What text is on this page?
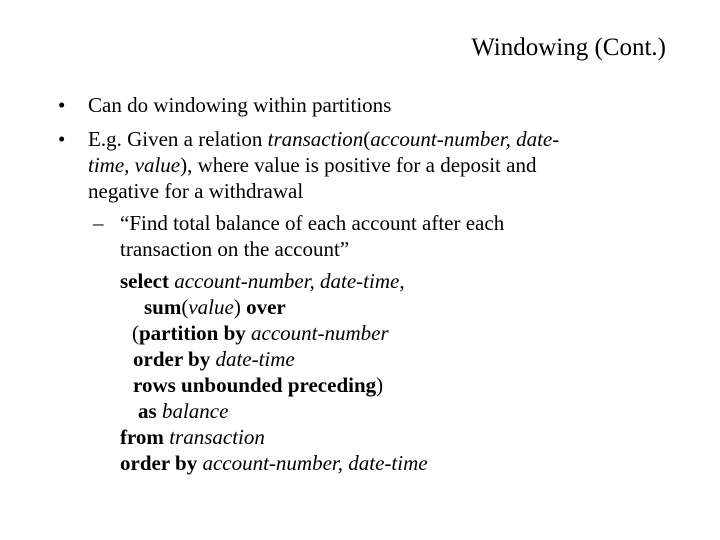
Windowing (Cont.)
• Can do windowing within partitions
• E.g. Given a relation transaction(account-number, date-
time, value), where value is positive for a deposit and
negative for a withdrawal
– “Find total balance of each account after each
transaction on the account”
select account-number, date-time,
sum(value) over
(partition by account-number
order by date-time
rows unbounded preceding)
as balance
from transaction
order by account-number, date-time
